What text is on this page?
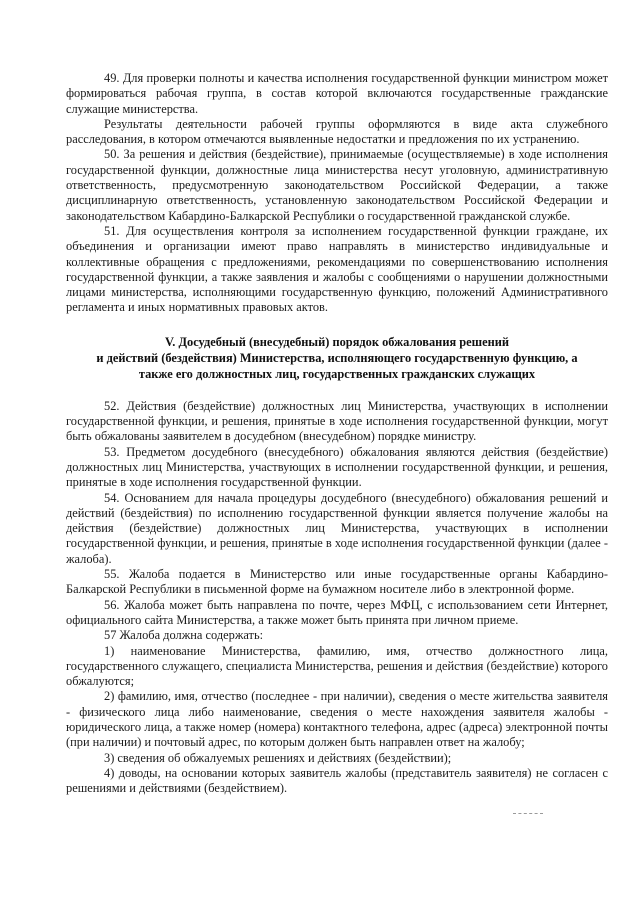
49. Для проверки полноты и качества исполнения государственной функции министром может формироваться рабочая группа, в состав которой включаются государственные гражданские служащие министерства.

Результаты деятельности рабочей группы оформляются в виде акта служебного расследования, в котором отмечаются выявленные недостатки и предложения по их устранению.

50. За решения и действия (бездействие), принимаемые (осуществляемые) в ходе исполнения государственной функции, должностные лица министерства несут уголовную, административную ответственность, предусмотренную законодательством Российской Федерации, а также дисциплинарную ответственность, установленную законодательством Российской Федерации и законодательством Кабардино-Балкарской Республики о государственной гражданской службе.

51. Для осуществления контроля за исполнением государственной функции граждане, их объединения и организации имеют право направлять в министерство индивидуальные и коллективные обращения с предложениями, рекомендациями по совершенствованию исполнения государственной функции, а также заявления и жалобы с сообщениями о нарушении должностными лицами министерства, исполняющими государственную функцию, положений Административного регламента и иных нормативных правовых актов.

V. Досудебный (внесудебный) порядок обжалования решений
и действий (бездействия) Министерства, исполняющего государственную функцию, а
также его должностных лиц, государственных гражданских служащих

52. Действия (бездействие) должностных лиц Министерства, участвующих в исполнении государственной функции, и решения, принятые в ходе исполнения государственной функции, могут быть обжалованы заявителем в досудебном (внесудебном) порядке министру.

53. Предметом досудебного (внесудебного) обжалования являются действия (бездействие) должностных лиц Министерства, участвующих в исполнении государственной функции, и решения, принятые в ходе исполнения государственной функции.

54. Основанием для начала процедуры досудебного (внесудебного) обжалования решений и действий (бездействия) по исполнению государственной функции является получение жалобы на действия (бездействие) должностных лиц Министерства, участвующих в исполнении государственной функции, и решения, принятые в ходе исполнения государственной функции (далее - жалоба).

55. Жалоба подается в Министерство или иные государственные органы Кабардино-Балкарской Республики в письменной форме на бумажном носителе либо в электронной форме.

56. Жалоба может быть направлена по почте, через МФЦ, с использованием сети Интернет, официального сайта Министерства, а также может быть принята при личном приеме.

57 Жалоба должна содержать:

1) наименование Министерства, фамилию, имя, отчество должностного лица, государственного служащего, специалиста Министерства, решения и действия (бездействие) которого обжалуются;

2) фамилию, имя, отчество (последнее - при наличии), сведения о месте жительства заявителя - физического лица либо наименование, сведения о месте нахождения заявителя жалобы - юридического лица, а также номер (номера) контактного телефона, адрес (адреса) электронной почты (при наличии) и почтовый адрес, по которым должен быть направлен ответ на жалобу;

3) сведения об обжалуемых решениях и действиях (бездействии);

4) доводы, на основании которых заявитель жалобы (представитель заявителя) не согласен с решениями и действиями (бездействием).
